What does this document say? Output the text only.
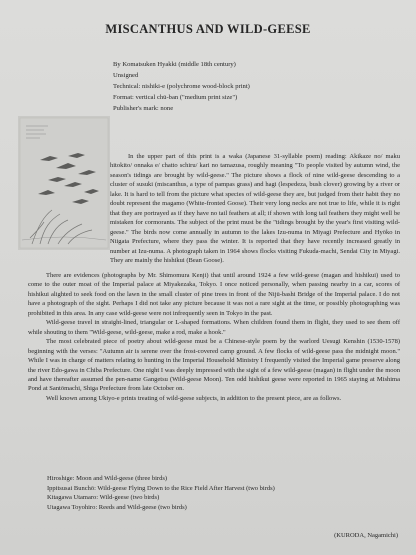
MISCANTHUS AND WILD-GEESE
By Komatsuken Hyakki (middle 18th century)
Unsigned
Technical: nishiki-e (polychrome wood-block print)
Format: vertical chū-ban ("medium print size")
Publisher's mark: none

In the upper part of this print is a waka (Japanese 31-syllable poem) reading: Akikaze no/ maku hitokito/ onnaka e/ chatto schiru/ kari no tamazusa, roughly meaning "To people visited by autumn wind, the season's tidings are brought by wild-geese." The picture shows a flock of nine wild-geese descending to a cluster of susuki (miscanthus, a type of pampas grass) and hagi (lespedeza, bush clover) growing by a river or lake. It is hard to tell from the picture what species of wild-geese they are, but judged from their habit they no doubt represent the magamo (White-fronted Goose). Their very long necks are not true to life, while it is right that they are portrayed as if they have no tail feathers at all; if shown with long tail feathers they might well be mistaken for cormorants. The subject of the print must be the "tidings brought by the year's first visiting wild-geese." The birds now come annually in autumn to the lakes Izu-numa in Miyagi Prefecture and Hyōko in Niigata Prefecture, where they pass the winter. It is reported that they have recently increased greatly in number at Izu-numa. A photograph taken in 1964 shows flocks visiting Fukuda-machi, Sendai City in Miyagi. They are mainly the hishikui (Bean Goose).

There are evidences (photographs by Mr. Shimomura Kenji) that until around 1924 a few wild-geese (magan and hishikui) used to come to the outer moat of the Imperial palace at Miyakezaka, Tokyo. I once noticed personally, when passing nearby in a car, scores of hishikui alighted to seek food on the lawn in the small cluster of pine trees in front of the Nijū-bashi Bridge of the Imperial palace. I do not have a photograph of the sight. Perhaps I did not take any picture because it was not a rare sight at the time, or possibly photographing was prohibited in this area. In any case wild-geese were not infrequently seen in Tokyo in the past.

Wild-geese travel in straight-lined, triangular or L-shaped formations. When children found them in flight, they used to see them off while shouting to them "Wild-geese, wild-geese, make a rod, make a hook."

The most celebrated piece of poetry about wild-geese must be a Chinese-style poem by the warlord Uesugi Kenshin (1530-1578) beginning with the verses: "Autumn air is serene over the frost-covered camp ground. A few flocks of wild-geese pass the midnight moon." While I was in charge of matters relating to hunting in the Imperial Household Ministry I frequently visited the Imperial game preserve along the river Edo-gawa in Chiba Prefecture. One night I was deeply impressed with the sight of a few wild-geese (magan) in flight under the moon and have thereafter assumed the pen-name Gangetsu (Wild-geese Moon). Ten odd hishikui geese were reported in 1965 staying at Mishima Pond at Santōmachi, Shiga Prefecture from late October on.

Well known among Ukiyo-e prints treating of wild-geese subjects, in addition to the present piece, are as follows.

Hiroshige: Moon and Wild-geese (three birds)
Ippitsusai Bunchō: Wild-geese Flying Down to the Rice Field After Harvest (two birds)
Kitagawa Utamaro: Wild-geese (two birds)
Utagawa Toyohiro: Reeds and Wild-geese (two birds)
(KURODA, Nagamichi)
